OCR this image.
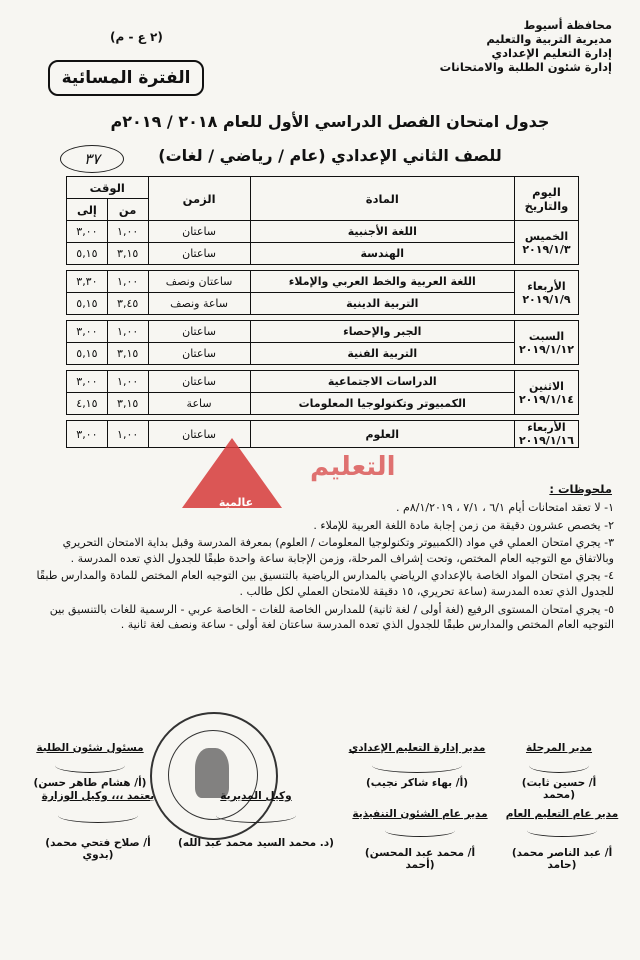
محافظة أسيوط
مديرية التربية والتعليم
إدارة التعليم الإعدادي
إدارة شئون الطلبة والامتحانات
(٢ ع - م)
الفترة المسائية
جدول امتحان الفصل الدراسي الأول للعام ٢٠١٨ / ٢٠١٩م
للصف الثاني الإعدادي (عام / رياضي / لغات)
٣٧
اليوم والتاريخ	المادة	الزمن	الوقت	
			من	إلى

الخميس
٢٠١٩/١/٣	اللغة الأجنبية	ساعتان	١,٠٠	٣,٠٠
	الهندسة	ساعتان	٣,١٥	٥,١٥

الأربعاء
٢٠١٩/١/٩	اللغة العربية والخط العربي والإملاء	ساعتان ونصف	١,٠٠	٣,٣٠
	التربية الدينية	ساعة ونصف	٣,٤٥	٥,١٥

السبت
٢٠١٩/١/١٢	الجبر والإحصاء	ساعتان	١,٠٠	٣,٠٠
	التربية الفنية	ساعتان	٣,١٥	٥,١٥

الاثنين
٢٠١٩/١/١٤	الدراسات الاجتماعية	ساعتان	١,٠٠	٣,٠٠
	الكمبيوتر وتكنولوجيا المعلومات	ساعة	٣,١٥	٤,١٥

الأربعاء
٢٠١٩/١/١٦	العلوم	ساعتان	١,٠٠	٣,٠٠
عالمية
التعليم
ملحوظات :

١- لا تعقد امتحانات أيام ٦/١ ، ٧/١ ، ٨/١/٢٠١٩م .

٢- يخصص عشرون دقيقة من زمن إجابة مادة اللغة العربية للإملاء .

٣- يجري امتحان العملي في مواد (الكمبيوتر وتكنولوجيا المعلومات / العلوم) بمعرفة المدرسة وقبل بداية الامتحان التحريري وبالاتفاق مع التوجيه العام المختص، وتحت إشراف المرحلة، وزمن الإجابة ساعة واحدة طبقًا للجدول الذي تعده المدرسة .

٤- يجري امتحان المواد الخاصة بالإعدادي الرياضي بالمدارس الرياضية بالتنسيق بين التوجيه العام المختص للمادة والمدارس طبقًا للجدول الذي تعده المدرسة (ساعة تحريري، ١٥ دقيقة للامتحان العملي لكل طالب .

٥- يجري امتحان المستوى الرفيع (لغة أولى / لغة ثانية) للمدارس الخاصة للغات - الخاصة عربي - الرسمية للغات بالتنسيق بين التوجيه العام المختص والمدارس طبقًا للجدول الذي تعده المدرسة ساعتان لغة أولى - ساعة ونصف لغة ثانية .

مدير المرحلة
(أ/ حسين ثابت محمد)
مدير إدارة التعليم الإعدادي
(أ/ بهاء شاكر نجيب)
مسئول شئون الطلبة
(أ/ هشام طاهر حسن)
مدير عام التعليم العام
(أ/ عبد الناصر محمد حامد)
مدير عام الشئون التنفيذية
(أ/ محمد عبد المحسن أحمد)
وكيل المديرية
(د. محمد السيد محمد عبد الله)
يعتمد ،،، وكيل الوزارة
(أ/ صلاح فتحي محمد بدوي)
